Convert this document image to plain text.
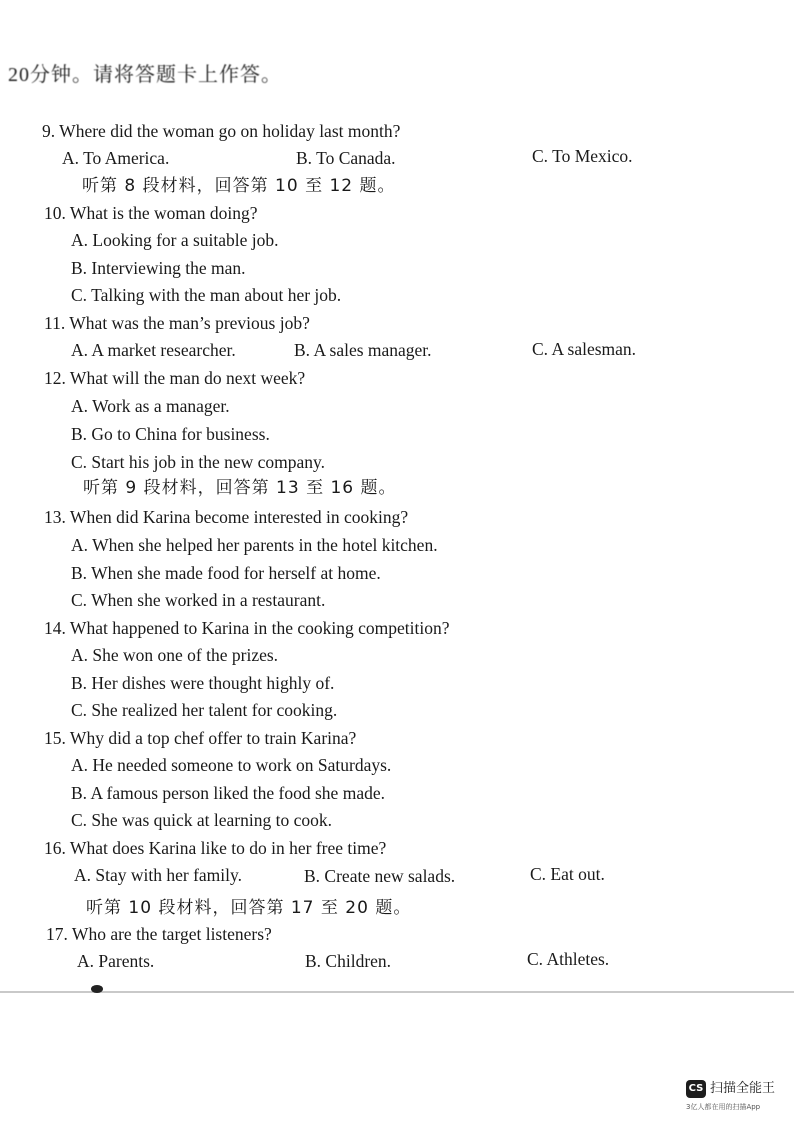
20分钟。请将答题卡上作答。
9. Where did the woman go on holiday last month?
A. To America.	B. To Canada.	C. To Mexico.
听第 8 段材料，回答第 10 至 12 题。
10. What is the woman doing?
A. Looking for a suitable job.
B. Interviewing the man.
C. Talking with the man about her job.
11. What was the man’s previous job?
A. A market researcher.	B. A sales manager.	C. A salesman.
12. What will the man do next week?
A. Work as a manager.
B. Go to China for business.
C. Start his job in the new company.
听第 9 段材料，回答第 13 至 16 题。
13. When did Karina become interested in cooking?
A. When she helped her parents in the hotel kitchen.
B. When she made food for herself at home.
C. When she worked in a restaurant.
14. What happened to Karina in the cooking competition?
A. She won one of the prizes.
B. Her dishes were thought highly of.
C. She realized her talent for cooking.
15. Why did a top chef offer to train Karina?
A. He needed someone to work on Saturdays.
B. A famous person liked the food she made.
C. She was quick at learning to cook.
16. What does Karina like to do in her free time?
A. Stay with her family.	B. Create new salads.	C. Eat out.
听第 10 段材料，回答第 17 至 20 题。
17. Who are the target listeners?
A. Parents.	B. Children.	C. Athletes.
CS 扫描全能王
3亿人都在用的扫描App
